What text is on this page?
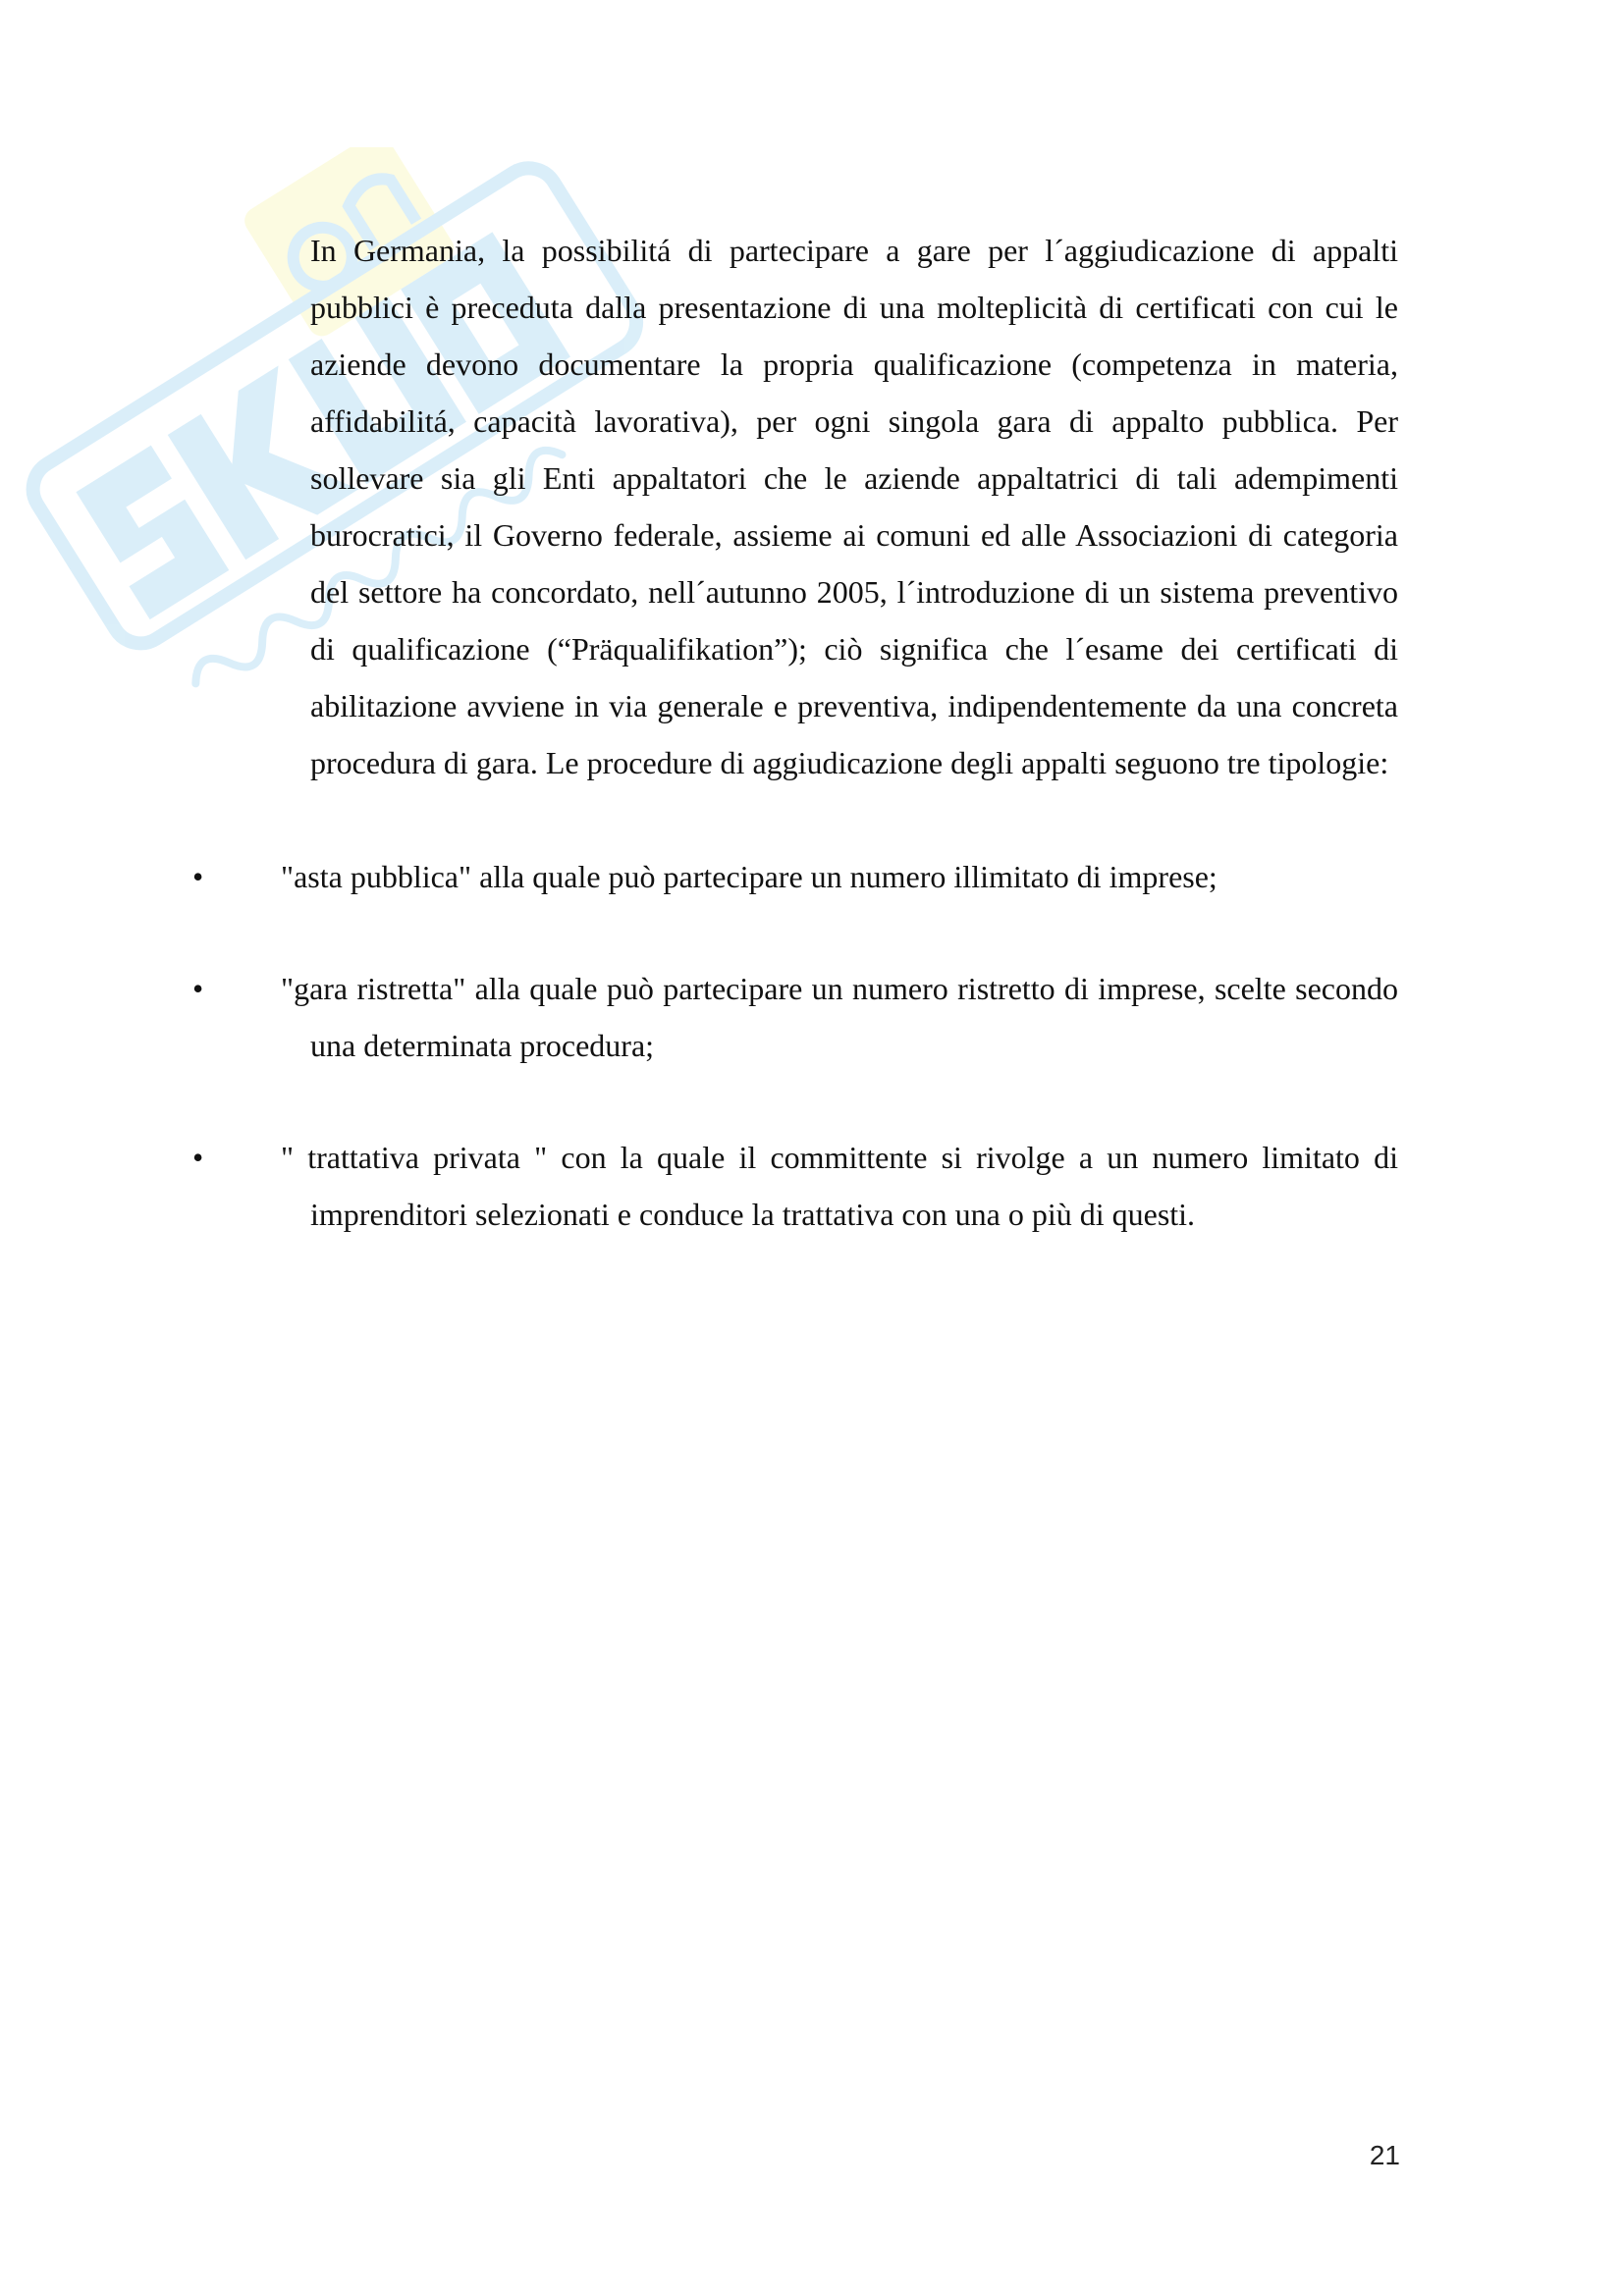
In Germania, la possibilitá di partecipare a gare per l´aggiudicazione di appalti pubblici è preceduta dalla presentazione di una molteplicità di certificati con cui le aziende devono documentare la propria qualificazione (competenza in materia, affidabilitá, capacità lavorativa), per ogni singola gara di appalto pubblica. Per sollevare sia gli Enti appaltatori che le aziende appaltatrici di tali adempimenti burocratici, il Governo federale, assieme ai comuni ed alle Associazioni di categoria del settore ha concordato, nell´autunno 2005, l´introduzione di un sistema preventivo di qualificazione (“Präqualifikation”); ciò significa che l´esame dei certificati di abilitazione avviene in via generale e preventiva, indipendentemente da una concreta procedura di gara. Le procedure di aggiudicazione degli appalti seguono tre tipologie:

• "asta pubblica" alla quale può partecipare un numero illimitato di imprese;
• "gara ristretta" alla quale può partecipare un numero ristretto di imprese, scelte secondo una determinata procedura;
• " trattativa privata " con la quale il committente si rivolge a un numero limitato di imprenditori selezionati e conduce la trattativa con una o più di questi.
21
